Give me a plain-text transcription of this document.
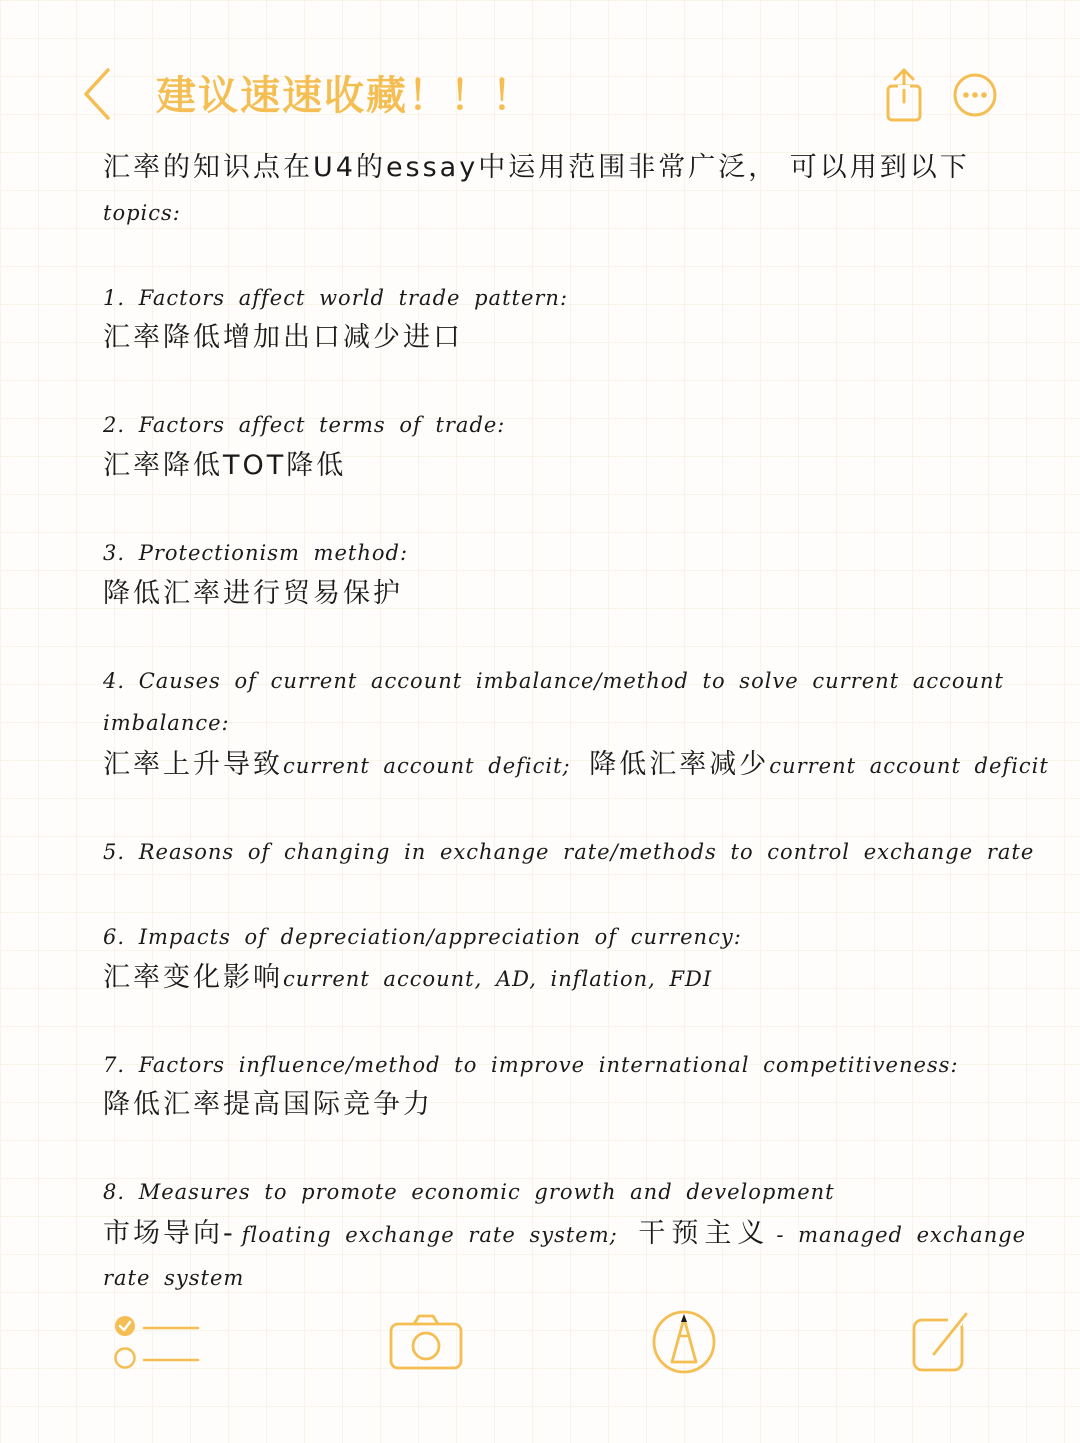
建议速速收藏！！！
汇率的知识点在U4的essay中运用范围非常广泛， 可以用到以下
topics:
1. Factors affect world trade pattern:
汇率降低增加出口减少进口
2. Factors affect terms of trade:
汇率降低TOT降低
3. Protectionism method:
降低汇率进行贸易保护
4. Causes of current account imbalance/method to solve current account
imbalance:
汇率上升导致current account deficit; 降低汇率减少current account deficit
5. Reasons of changing in exchange rate/methods to control exchange rate
6. Impacts of depreciation/appreciation of currency:
汇率变化影响current account, AD, inflation, FDI
7. Factors influence/method to improve international competitiveness:
降低汇率提高国际竞争力
8. Measures to promote economic growth and development
市场导向- floating exchange rate system; 干预主义 - managed exchange
rate system
